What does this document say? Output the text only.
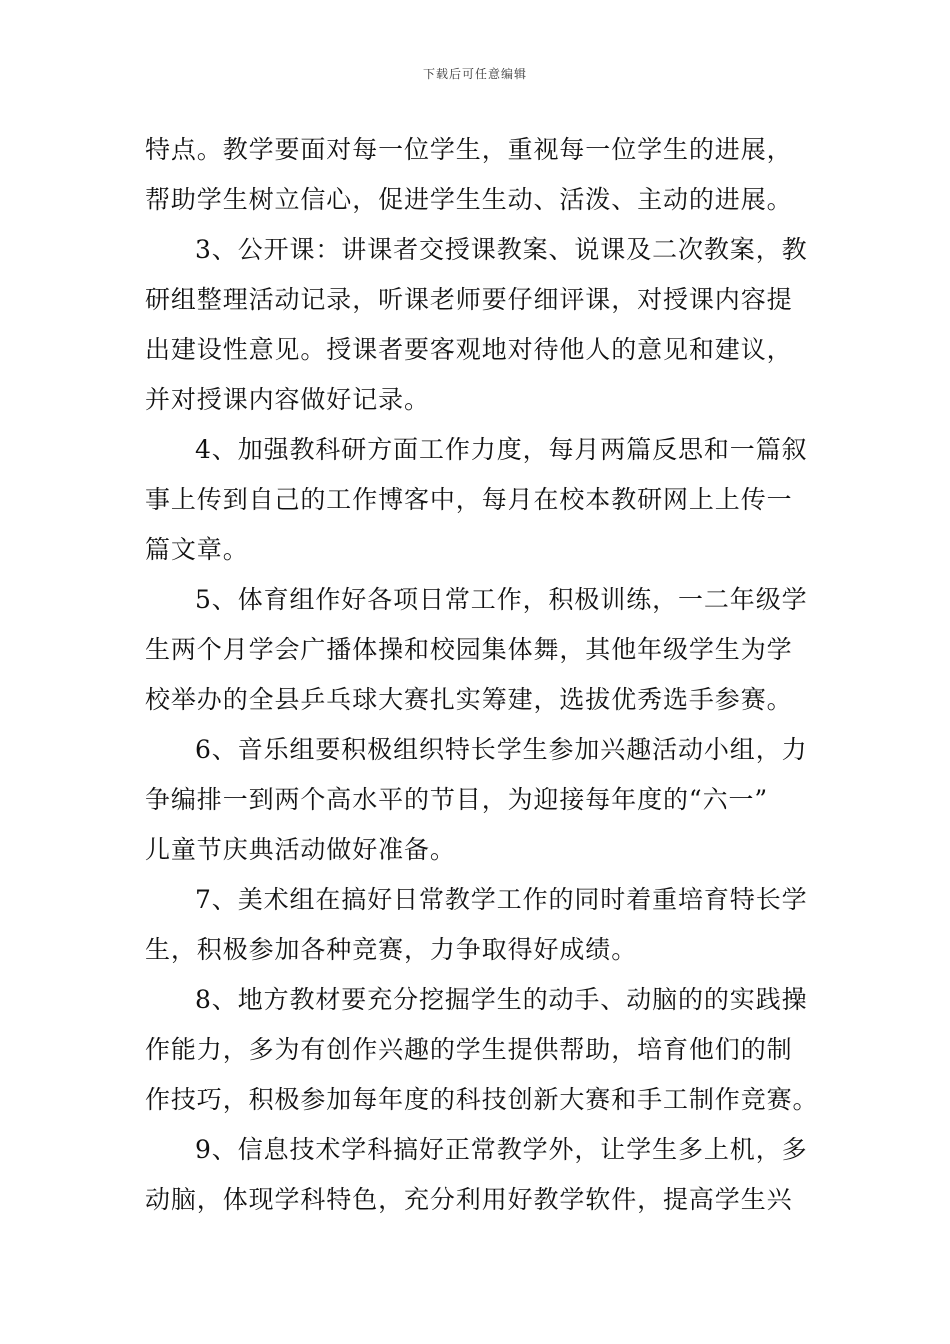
下载后可任意编辑
特点。教学要面对每一位学生，重视每一位学生的进展，
帮助学生树立信心，促进学生生动、活泼、主动的进展。
3、公开课：讲课者交授课教案、说课及二次教案，教
研组整理活动记录，听课老师要仔细评课，对授课内容提
出建设性意见。授课者要客观地对待他人的意见和建议，
并对授课内容做好记录。
4、加强教科研方面工作力度，每月两篇反思和一篇叙
事上传到自己的工作博客中，每月在校本教研网上上传一
篇文章。
5、体育组作好各项日常工作，积极训练，一二年级学
生两个月学会广播体操和校园集体舞，其他年级学生为学
校举办的全县乒乓球大赛扎实筹建，选拔优秀选手参赛。
6、音乐组要积极组织特长学生参加兴趣活动小组，力
争编排一到两个高水平的节目，为迎接每年度的“六一”
儿童节庆典活动做好准备。
7、美术组在搞好日常教学工作的同时着重培育特长学
生，积极参加各种竞赛，力争取得好成绩。
8、地方教材要充分挖掘学生的动手、动脑的的实践操
作能力，多为有创作兴趣的学生提供帮助，培育他们的制
作技巧，积极参加每年度的科技创新大赛和手工制作竞赛。
9、信息技术学科搞好正常教学外，让学生多上机，多
动脑，体现学科特色，充分利用好教学软件，提高学生兴
